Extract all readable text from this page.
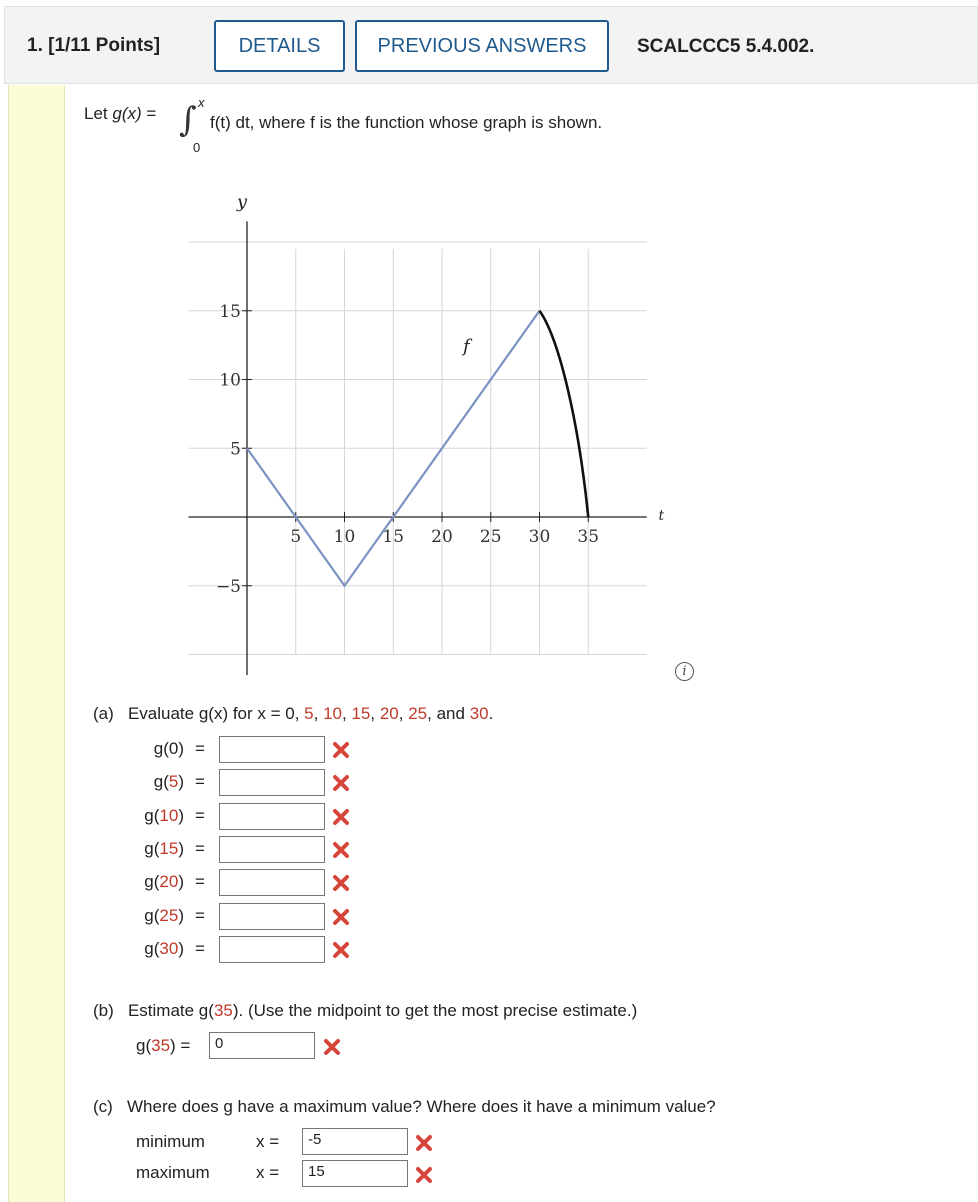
1. [1/11 Points]	DETAILS	PREVIOUS ANSWERS	SCALCCC5 5.4.002.
Let g(x) = ∫ x
0
f(t) dt, where f is the function whose graph is shown.
5 10 15 20 25 30 35
15
10
5
−5
y
t
f
i
(a) Evaluate g(x) for x = 0, 5, 10, 15, 20, 25, and 30.
g(0) =
g(5) =
g(10) =
g(15) =
g(20) =
g(25) =
g(30) =
(b) Estimate g(35). (Use the midpoint to get the most precise estimate.)
g(35) =	0
(c) Where does g have a maximum value? Where does it have a minimum value?
minimum	x =	-5
maximum	x =	15
